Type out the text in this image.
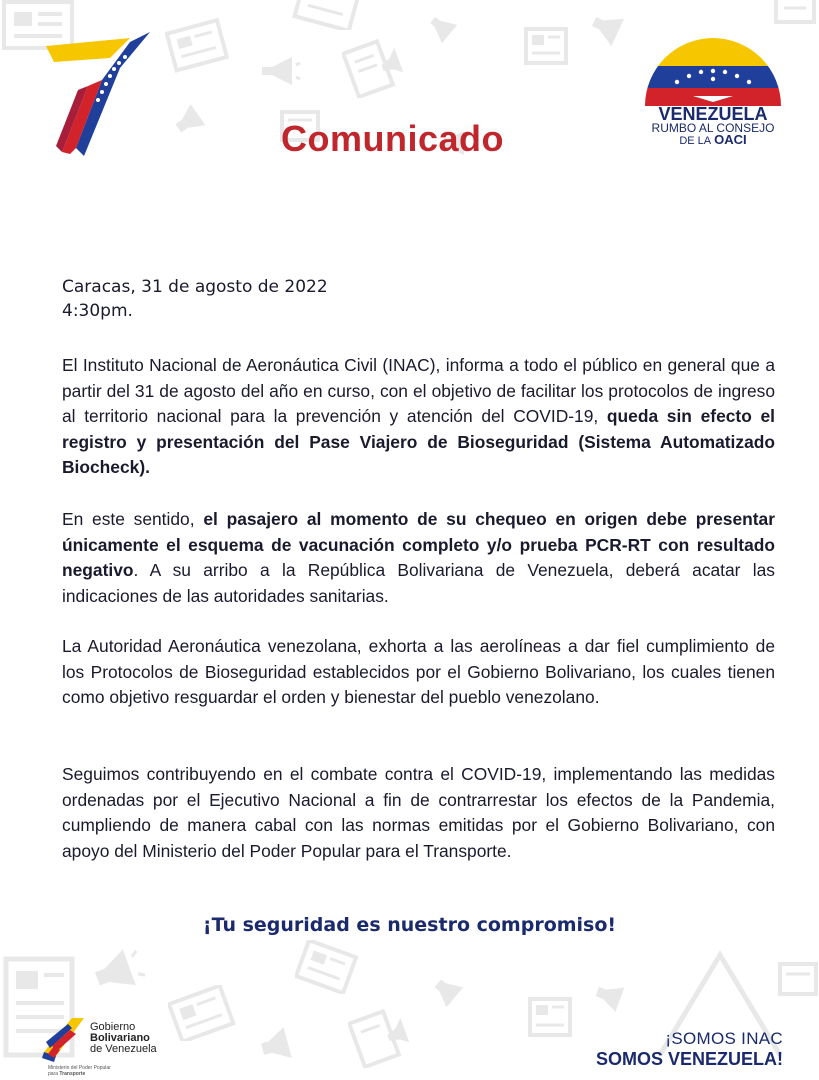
VENEZUELA
RUMBO AL CONSEJO
DE LA OACI
Comunicado
Caracas, 31 de agosto de 2022
4:30pm.
El Instituto Nacional de Aeronáutica Civil (INAC), informa a todo el público en general que a partir del 31 de agosto del año en curso, con el objetivo de facilitar los protocolos de ingreso al territorio nacional para la prevención y atención del COVID-19, queda sin efecto el registro y presentación del Pase Viajero de Bioseguridad (Sistema Automatizado Biocheck).
En este sentido, el pasajero al momento de su chequeo en origen debe presentar únicamente el esquema de vacunación completo y/o prueba PCR-RT con resultado negativo. A su arribo a la República Bolivariana de Venezuela, deberá acatar las indicaciones de las autoridades sanitarias.
La Autoridad Aeronáutica venezolana, exhorta a las aerolíneas a dar fiel cumplimiento de los Protocolos de Bioseguridad establecidos por el Gobierno Bolivariano, los cuales tienen como objetivo resguardar el orden y bienestar del pueblo venezolano.
Seguimos contribuyendo en el combate contra el COVID-19, implementando las medidas ordenadas por el Ejecutivo Nacional a fin de contrarrestar los efectos de la Pandemia, cumpliendo de manera cabal con las normas emitidas por el Gobierno Bolivariano, con apoyo del Ministerio del Poder Popular para el Transporte.
¡Tu seguridad es nuestro compromiso!
Gobierno
Bolivariano
de Venezuela
Ministerio del Poder Popular
para Transporte
¡SOMOS INAC
SOMOS VENEZUELA!
